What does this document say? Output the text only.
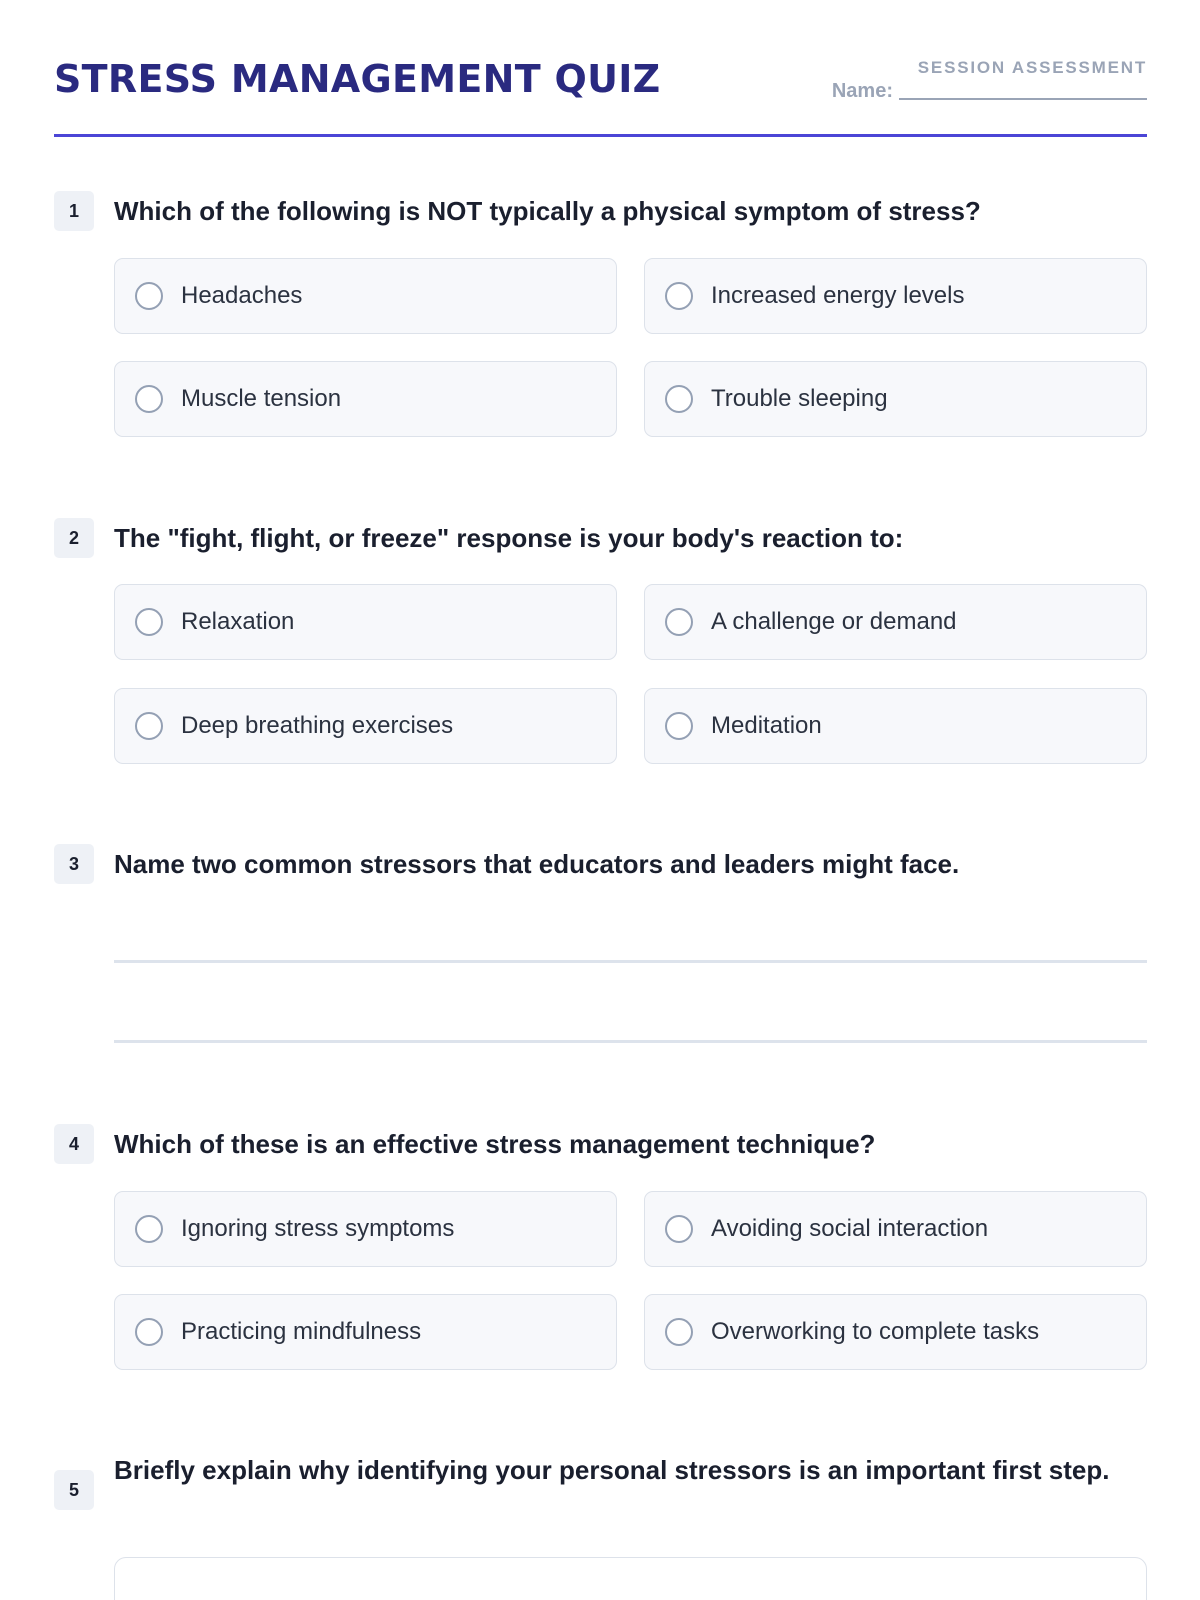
STRESS MANAGEMENT QUIZ	SESSION ASSESSMENT
Name:
1	Which of the following is NOT typically a physical symptom of stress?
Headaches	Increased energy levels
Muscle tension	Trouble sleeping
2	The "fight, flight, or freeze" response is your body's reaction to:
Relaxation	A challenge or demand
Deep breathing exercises	Meditation
3	Name two common stressors that educators and leaders might face.
4	Which of these is an effective stress management technique?
Ignoring stress symptoms	Avoiding social interaction
Practicing mindfulness	Overworking to complete tasks
5
Briefly explain why identifying your personal stressors is an important first step.
